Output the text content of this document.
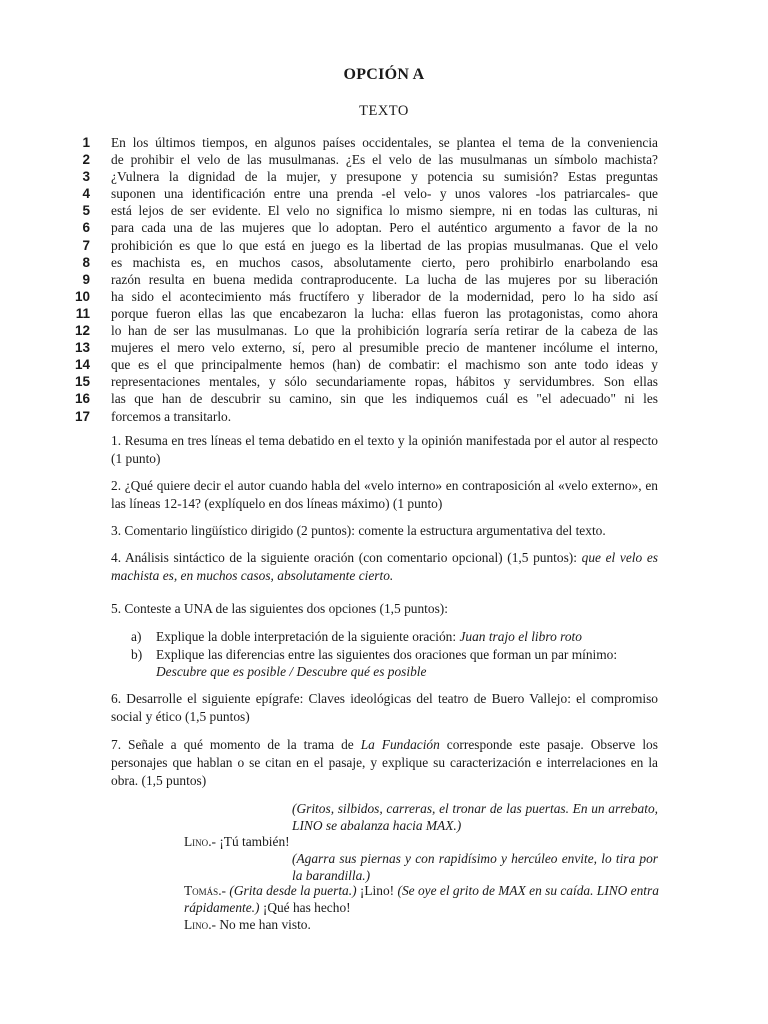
OPCIÓN A
TEXTO
1
2
3
4
5
6
7
8
9
10
11
12
13
14
15
16
17
En los últimos tiempos, en algunos países occidentales, se plantea el tema de la conveniencia
de prohibir el velo de las musulmanas. ¿Es el velo de las musulmanas un símbolo machista?
¿Vulnera la dignidad de la mujer, y presupone y potencia su sumisión? Estas preguntas
suponen una identificación entre una prenda -el velo- y unos valores -los patriarcales- que
está lejos de ser evidente. El velo no significa lo mismo siempre, ni en todas las culturas, ni
para cada una de las mujeres que lo adoptan. Pero el auténtico argumento a favor de la no
prohibición es que lo que está en juego es la libertad de las propias musulmanas. Que el velo
es machista es, en muchos casos, absolutamente cierto, pero prohibirlo enarbolando esa
razón resulta en buena medida contraproducente. La lucha de las mujeres por su liberación
ha sido el acontecimiento más fructífero y liberador de la modernidad, pero lo ha sido así
porque fueron ellas las que encabezaron la lucha: ellas fueron las protagonistas, como ahora
lo han de ser las musulmanas. Lo que la prohibición lograría sería retirar de la cabeza de las
mujeres el mero velo externo, sí, pero al presumible precio de mantener incólume el interno,
que es el que principalmente hemos (han) de combatir: el machismo son ante todo ideas y
representaciones mentales, y sólo secundariamente ropas, hábitos y servidumbres. Son ellas
las que han de descubrir su camino, sin que les indiquemos cuál es "el adecuado" ni les
forcemos a transitarlo.
1. Resuma en tres líneas el tema debatido en el texto y la opinión manifestada por el autor al respecto (1 punto)
2. ¿Qué quiere decir el autor cuando habla del «velo interno» en contraposición al «velo externo», en las líneas 12-14? (explíquelo en dos líneas máximo) (1 punto)
3. Comentario lingüístico dirigido (2 puntos): comente la estructura argumentativa del texto.
4. Análisis sintáctico de la siguiente oración (con comentario opcional) (1,5 puntos): que el velo es machista es, en muchos casos, absolutamente cierto.
5. Conteste a UNA de las siguientes dos opciones (1,5 puntos):
a) Explique la doble interpretación de la siguiente oración: Juan trajo el libro roto
b) Explique las diferencias entre las siguientes dos oraciones que forman un par mínimo:
Descubre que es posible / Descubre qué es posible
6. Desarrolle el siguiente epígrafe: Claves ideológicas del teatro de Buero Vallejo: el compromiso social y ético (1,5 puntos)
7. Señale a qué momento de la trama de La Fundación corresponde este pasaje. Observe los personajes que hablan o se citan en el pasaje, y explique su caracterización e interrelaciones en la obra. (1,5 puntos)
(Gritos, silbidos, carreras, el tronar de las puertas. En un arrebato, LINO se abalanza hacia MAX.)
Lino.- ¡Tú también!
(Agarra sus piernas y con rapidísimo y hercúleo envite, lo tira por la barandilla.)
Tomás.- (Grita desde la puerta.) ¡Lino! (Se oye el grito de MAX en su caída. LINO entra rápidamente.) ¡Qué has hecho!
Lino.- No me han visto.
